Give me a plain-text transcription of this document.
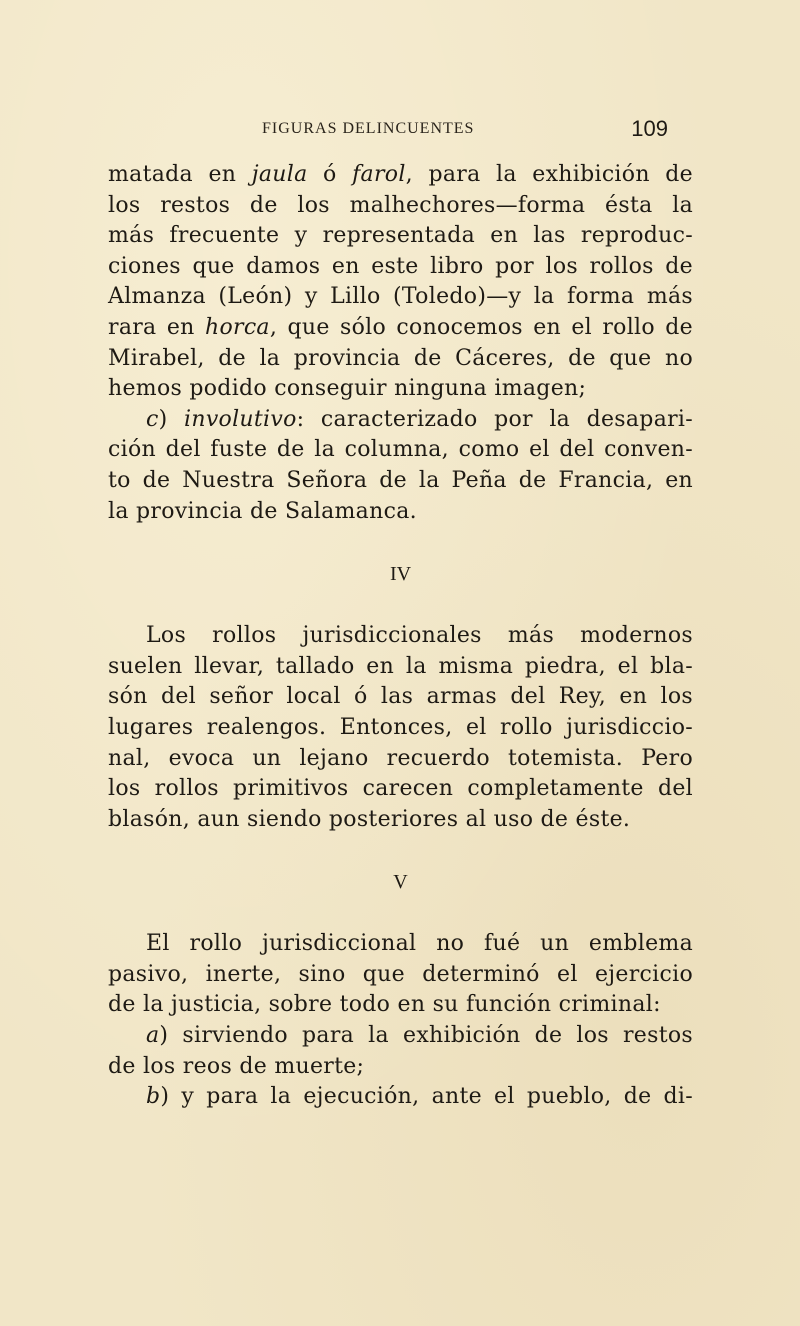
FIGURAS DELINCUENTES	109
matada en jaula ó farol, para la exhibición de
los restos de los malhechores—forma ésta la
más frecuente y representada en las reproduc-
ciones que damos en este libro por los rollos de
Almanza (León) y Lillo (Toledo)—y la forma más
rara en horca, que sólo conocemos en el rollo de
Mirabel, de la provincia de Cáceres, de que no
hemos podido conseguir ninguna imagen;
c) involutivo: caracterizado por la desapari-
ción del fuste de la columna, como el del conven-
to de Nuestra Señora de la Peña de Francia, en
la provincia de Salamanca.
IV
Los rollos jurisdiccionales más modernos
suelen llevar, tallado en la misma piedra, el bla-
són del señor local ó las armas del Rey, en los
lugares realengos. Entonces, el rollo jurisdiccio-
nal, evoca un lejano recuerdo totemista. Pero
los rollos primitivos carecen completamente del
blasón, aun siendo posteriores al uso de éste.
V
El rollo jurisdiccional no fué un emblema
pasivo, inerte, sino que determinó el ejercicio
de la justicia, sobre todo en su función criminal:
a) sirviendo para la exhibición de los restos
de los reos de muerte;
b) y para la ejecución, ante el pueblo, de di-
